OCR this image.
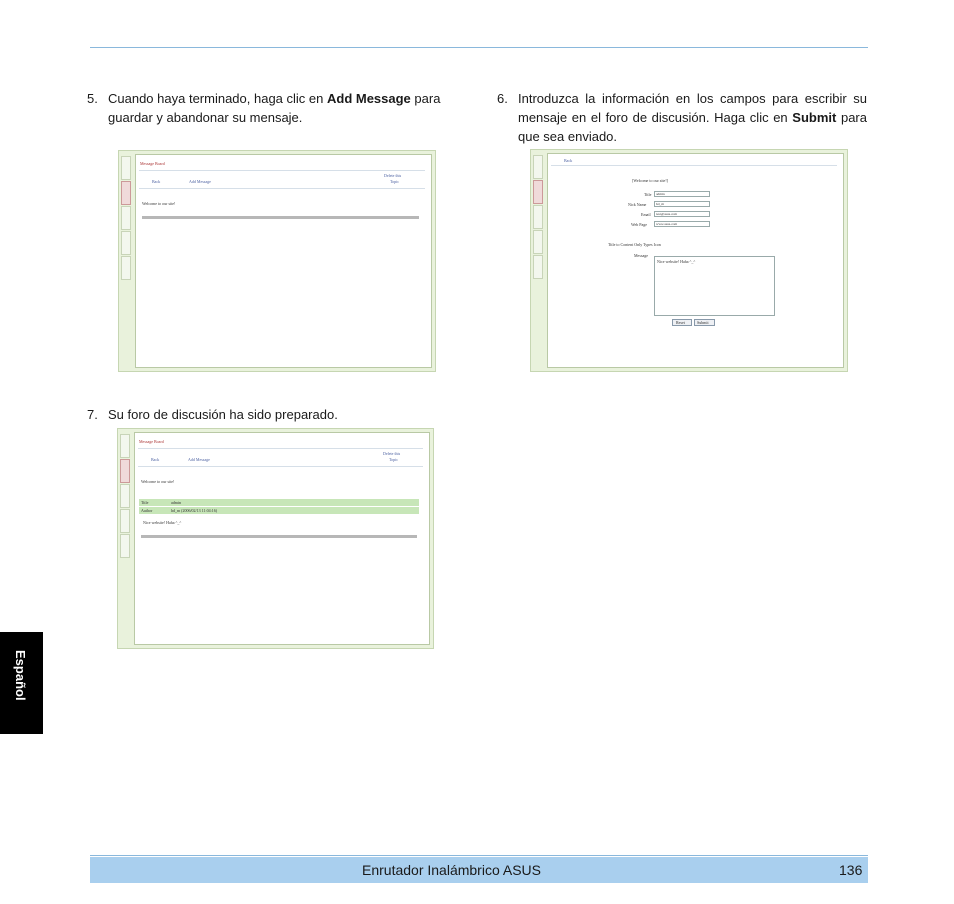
5. Cuando haya terminado, haga clic en Add Message para guardar y abandonar su mensaje.
6. Introduzca la información en los campos para escribir su mensaje en el foro de discusión. Haga clic en Submit para que sea enviado.
7. Su foro de discusión ha sido preparado.
Message Board
Back	Add Message
Delete this
Topic
Welcome to our site!
Back
[Welcome to our site!]
Title admin
Nick Name	hd_m
Email test@asus.com
Web Page	www.asus.com
Title to Content Only Types Icon
Message
Nice website! Haha ^_^
Reset	Submit
Message Board
Back	Add Message
Delete this
Topic
Welcome to our site!
Title	admin
Author	hd_m (2006/02/13 11:04:16)
Nice website! Haha ^_^
Español
Enrutador Inalámbrico ASUS	136
